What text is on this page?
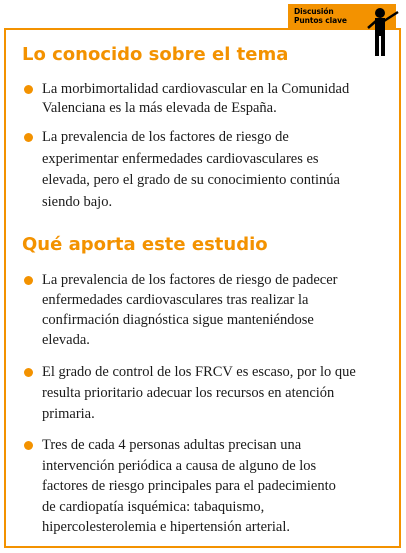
Discusión
Puntos clave
Lo conocido sobre el tema
La morbimortalidad cardiovascular en la Comunidad
Valenciana es la más elevada de España.
La prevalencia de los factores de riesgo de
experimentar enfermedades cardiovasculares es
elevada, pero el grado de su conocimiento continúa
siendo bajo.
Qué aporta este estudio
La prevalencia de los factores de riesgo de padecer
enfermedades cardiovasculares tras realizar la
confirmación diagnóstica sigue manteniéndose
elevada.
El grado de control de los FRCV es escaso, por lo que
resulta prioritario adecuar los recursos en atención
primaria.
Tres de cada 4 personas adultas precisan una
intervención periódica a causa de alguno de los
factores de riesgo principales para el padecimiento
de cardiopatía isquémica: tabaquismo,
hipercolesterolemia e hipertensión arterial.
